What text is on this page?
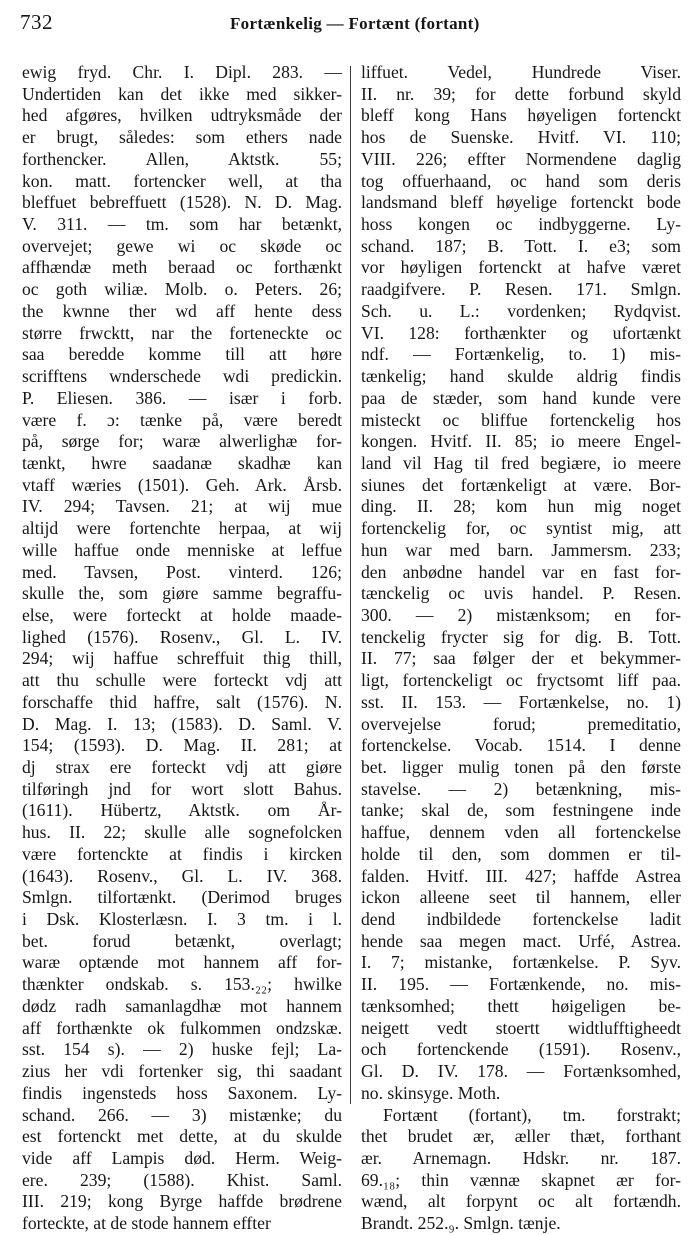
732	Fortænkelig — Fortænt (fortant)
ewig fryd. Chr. I. Dipl. 283. —
Undertiden kan det ikke med sikker-
hed afgøres, hvilken udtryksmåde der
er brugt, således: som ethers nade
forthencker. Allen, Aktstk. 55;
kon. matt. fortencker well, at tha
bleffuet bebreffuett (1528). N. D. Mag.
V. 311. — tm. som har betænkt,
overvejet; gewe wi oc skøde oc
affhændæ meth beraad oc forthænkt
oc goth wiliæ. Molb. o. Peters. 26;
the kwnne ther wd aff hente dess
større frwcktt, nar the forteneckte oc
saa beredde komme till att høre
scrifftens wnderschede wdi predickin.
P. Eliesen. 386. — især i forb.
være f. ɔ: tænke på, være beredt
på, sørge for; waræ alwerlighæ for-
tænkt, hwre saadanæ skadhæ kan
vtaff wæries (1501). Geh. Ark. Årsb.
IV. 294; Tavsen. 21; at wij mue
altijd were fortenchte herpaa, at wij
wille haffue onde menniske at leffue
med. Tavsen, Post. vinterd. 126;
skulle the, som giøre samme begraffu-
else, were forteckt at holde maade-
lighed (1576). Rosenv., Gl. L. IV.
294; wij haffue schreffuit thig thill,
att thu schulle were forteckt vdj att
forschaffe thid haffre, salt (1576). N.
D. Mag. I. 13; (1583). D. Saml. V.
154; (1593). D. Mag. II. 281; at
dj strax ere forteckt vdj att giøre
tilføringh jnd for wort slott Bahus.
(1611). Hübertz, Aktstk. om År-
hus. II. 22; skulle alle sognefolcken
være fortenckte at findis i kircken
(1643). Rosenv., Gl. L. IV. 368.
Smlgn. tilfortænkt. (Derimod bruges
i Dsk. Klosterlæsn. I. 3 tm. i l.
bet. forud betænkt, overlagt;
waræ optænde mot hannem aff for-
thænkter ondskab. s. 153.₂₂; hwilke
dødz radh samanlagdhæ mot hannem
aff forthænkte ok fulkommen ondzskæ.
sst. 154 s). — 2) huske fejl; La-
zius her vdi fortenker sig, thi saadant
findis ingensteds hoss Saxonem. Ly-
schand. 266. — 3) mistænke; du
est fortenckt met dette, at du skulde
vide aff Lampis død. Herm. Weig-
ere. 239; (1588). Khist. Saml.
III. 219; kong Byrge haffde brødrene
forteckte, at de stode hannem effter
liffuet. Vedel, Hundrede Viser.
II. nr. 39; for dette forbund skyld
bleff kong Hans høyeligen fortenckt
hos de Suenske. Hvitf. VI. 110;
VIII. 226; effter Normendene daglig
tog offuerhaand, oc hand som deris
landsmand bleff høyelige fortenckt bode
hoss kongen oc indbyggerne. Ly-
schand. 187; B. Tott. I. e3; som
vor høyligen fortenckt at hafve været
raadgifvere. P. Resen. 171. Smlgn.
Sch. u. L.: vordenken; Rydqvist.
VI. 128: forthænkter og ufortænkt
ndf. — Fortænkelig, to. 1) mis-
tænkelig; hand skulde aldrig findis
paa de stæder, som hand kunde vere
misteckt oc bliffue fortenckelig hos
kongen. Hvitf. II. 85; io meere Engel-
land vil Hag til fred begiære, io meere
siunes det fortænkeligt at være. Bor-
ding. II. 28; kom hun mig noget
fortenckelig for, oc syntist mig, att
hun war med barn. Jammersm. 233;
den anbødne handel var en fast for-
tænckelig oc uvis handel. P. Resen.
300. — 2) mistænksom; en for-
tenckelig frycter sig for dig. B. Tott.
II. 77; saa følger der et bekymmer-
ligt, fortenckeligt oc fryctsomt liff paa.
sst. II. 153. — Fortænkelse, no. 1)
overvejelse forud; premeditatio,
fortenckelse. Vocab. 1514. I denne
bet. ligger mulig tonen på den første
stavelse. — 2) betænkning, mis-
tanke; skal de, som festningene inde
haffue, dennem vden all fortenckelse
holde til den, som dommen er til-
falden. Hvitf. III. 427; haffde Astrea
ickon alleene seet til hannem, eller
dend indbildede fortenckelse ladit
hende saa megen mact. Urfé, Astrea.
I. 7; mistanke, fortænkelse. P. Syv.
II. 195. — Fortænkende, no. mis-
tænksomhed; thett høigeligen be-
neigett vedt stoertt widtlufftigheedt
och fortenckende (1591). Rosenv.,
Gl. D. IV. 178. — Fortænksomhed,
no. skinsyge. Moth.
Fortænt (fortant), tm. forstrakt;
thet brudet ær, æller thæt, forthant
ær. Arnemagn. Hdskr. nr. 187.
69.₁₈; thin vænnæ skapnet ær for-
wænd, alt forpynt oc alt fortændh.
Brandt. 252.₉. Smlgn. tænje.
